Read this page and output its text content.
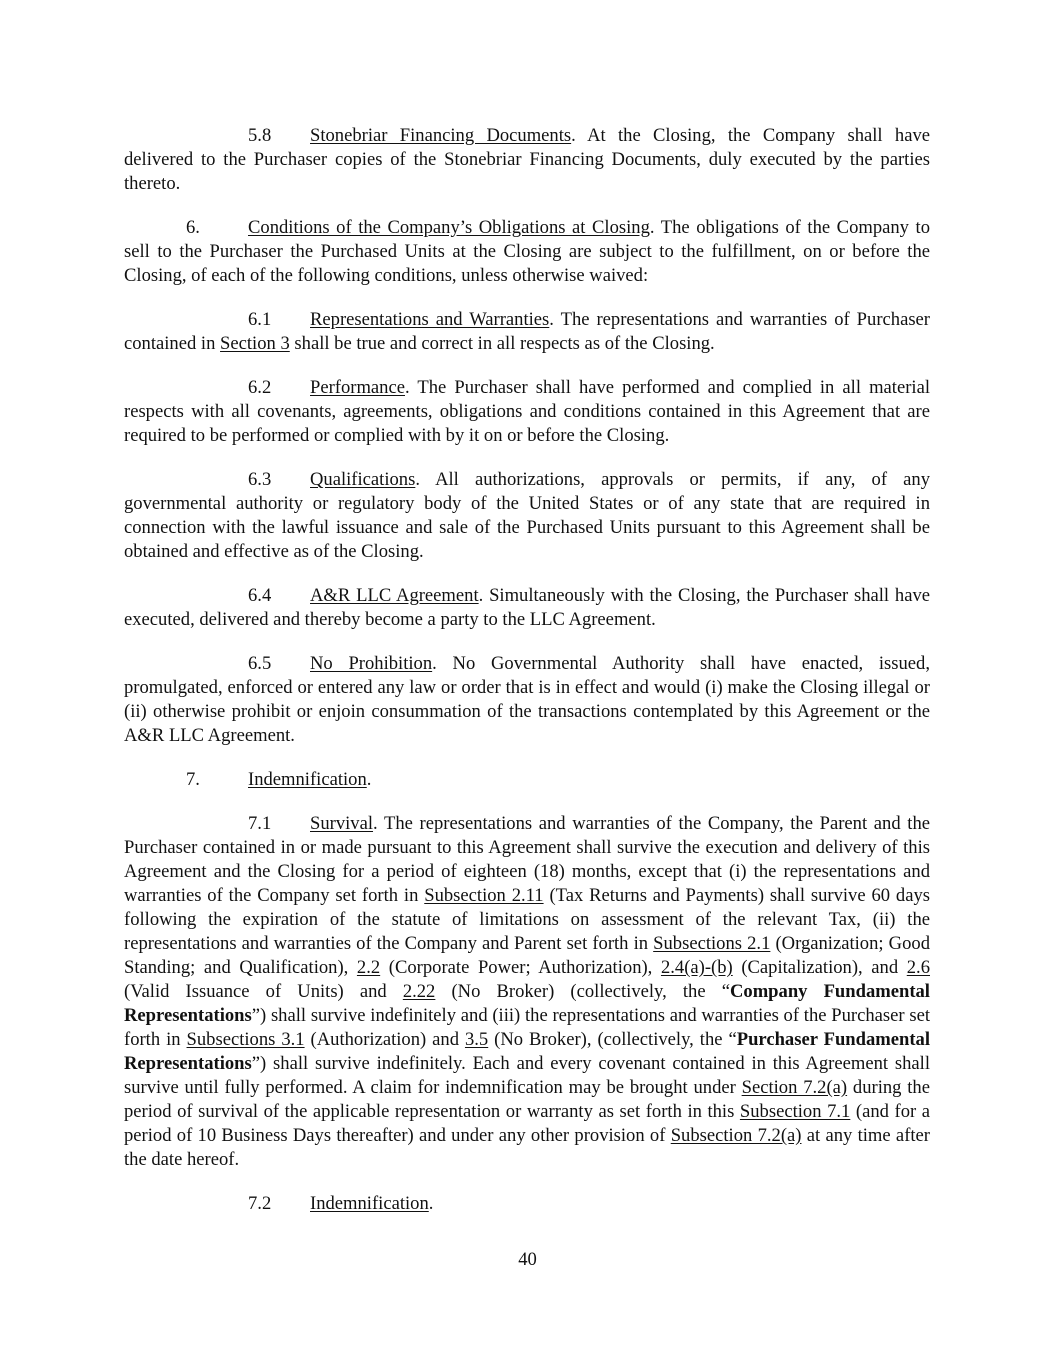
5.8 Stonebriar Financing Documents. At the Closing, the Company shall have delivered to the Purchaser copies of the Stonebriar Financing Documents, duly executed by the parties thereto.

6.	Conditions of the Company’s Obligations at Closing. The obligations of the Company to sell to the Purchaser the Purchased Units at the Closing are subject to the fulfillment, on or before the Closing, of each of the following conditions, unless otherwise waived:

6.1 Representations and Warranties. The representations and warranties of Purchaser contained in Section 3 shall be true and correct in all respects as of the Closing.

6.2 Performance. The Purchaser shall have performed and complied in all material respects with all covenants, agreements, obligations and conditions contained in this Agreement that are required to be performed or complied with by it on or before the Closing.

6.3 Qualifications. All authorizations, approvals or permits, if any, of any governmental authority or regulatory body of the United States or of any state that are required in connection with the lawful issuance and sale of the Purchased Units pursuant to this Agreement shall be obtained and effective as of the Closing.

6.4 A&R LLC Agreement. Simultaneously with the Closing, the Purchaser shall have executed, delivered and thereby become a party to the LLC Agreement.

6.5 No Prohibition. No Governmental Authority shall have enacted, issued, promulgated, enforced or entered any law or order that is in effect and would (i) make the Closing illegal or (ii) otherwise prohibit or enjoin consummation of the transactions contemplated by this Agreement or the A&R LLC Agreement.

7.	Indemnification.

7.1 Survival. The representations and warranties of the Company, the Parent and the Purchaser contained in or made pursuant to this Agreement shall survive the execution and delivery of this Agreement and the Closing for a period of eighteen (18) months, except that (i) the representations and warranties of the Company set forth in Subsection 2.11 (Tax Returns and Payments) shall survive 60 days following the expiration of the statute of limitations on assessment of the relevant Tax, (ii) the representations and warranties of the Company and Parent set forth in Subsections 2.1 (Organization; Good Standing; and Qualification), 2.2 (Corporate Power; Authorization), 2.4(a)-(b) (Capitalization), and 2.6 (Valid Issuance of Units) and 2.22 (No Broker) (collectively, the “Company Fundamental Representations”) shall survive indefinitely and (iii) the representations and warranties of the Purchaser set forth in Subsections 3.1 (Authorization) and 3.5 (No Broker), (collectively, the “Purchaser Fundamental Representations”) shall survive indefinitely. Each and every covenant contained in this Agreement shall survive until fully performed. A claim for indemnification may be brought under Section 7.2(a) during the period of survival of the applicable representation or warranty as set forth in this Subsection 7.1 (and for a period of 10 Business Days thereafter) and under any other provision of Subsection 7.2(a) at any time after the date hereof.

7.2 Indemnification.

40
